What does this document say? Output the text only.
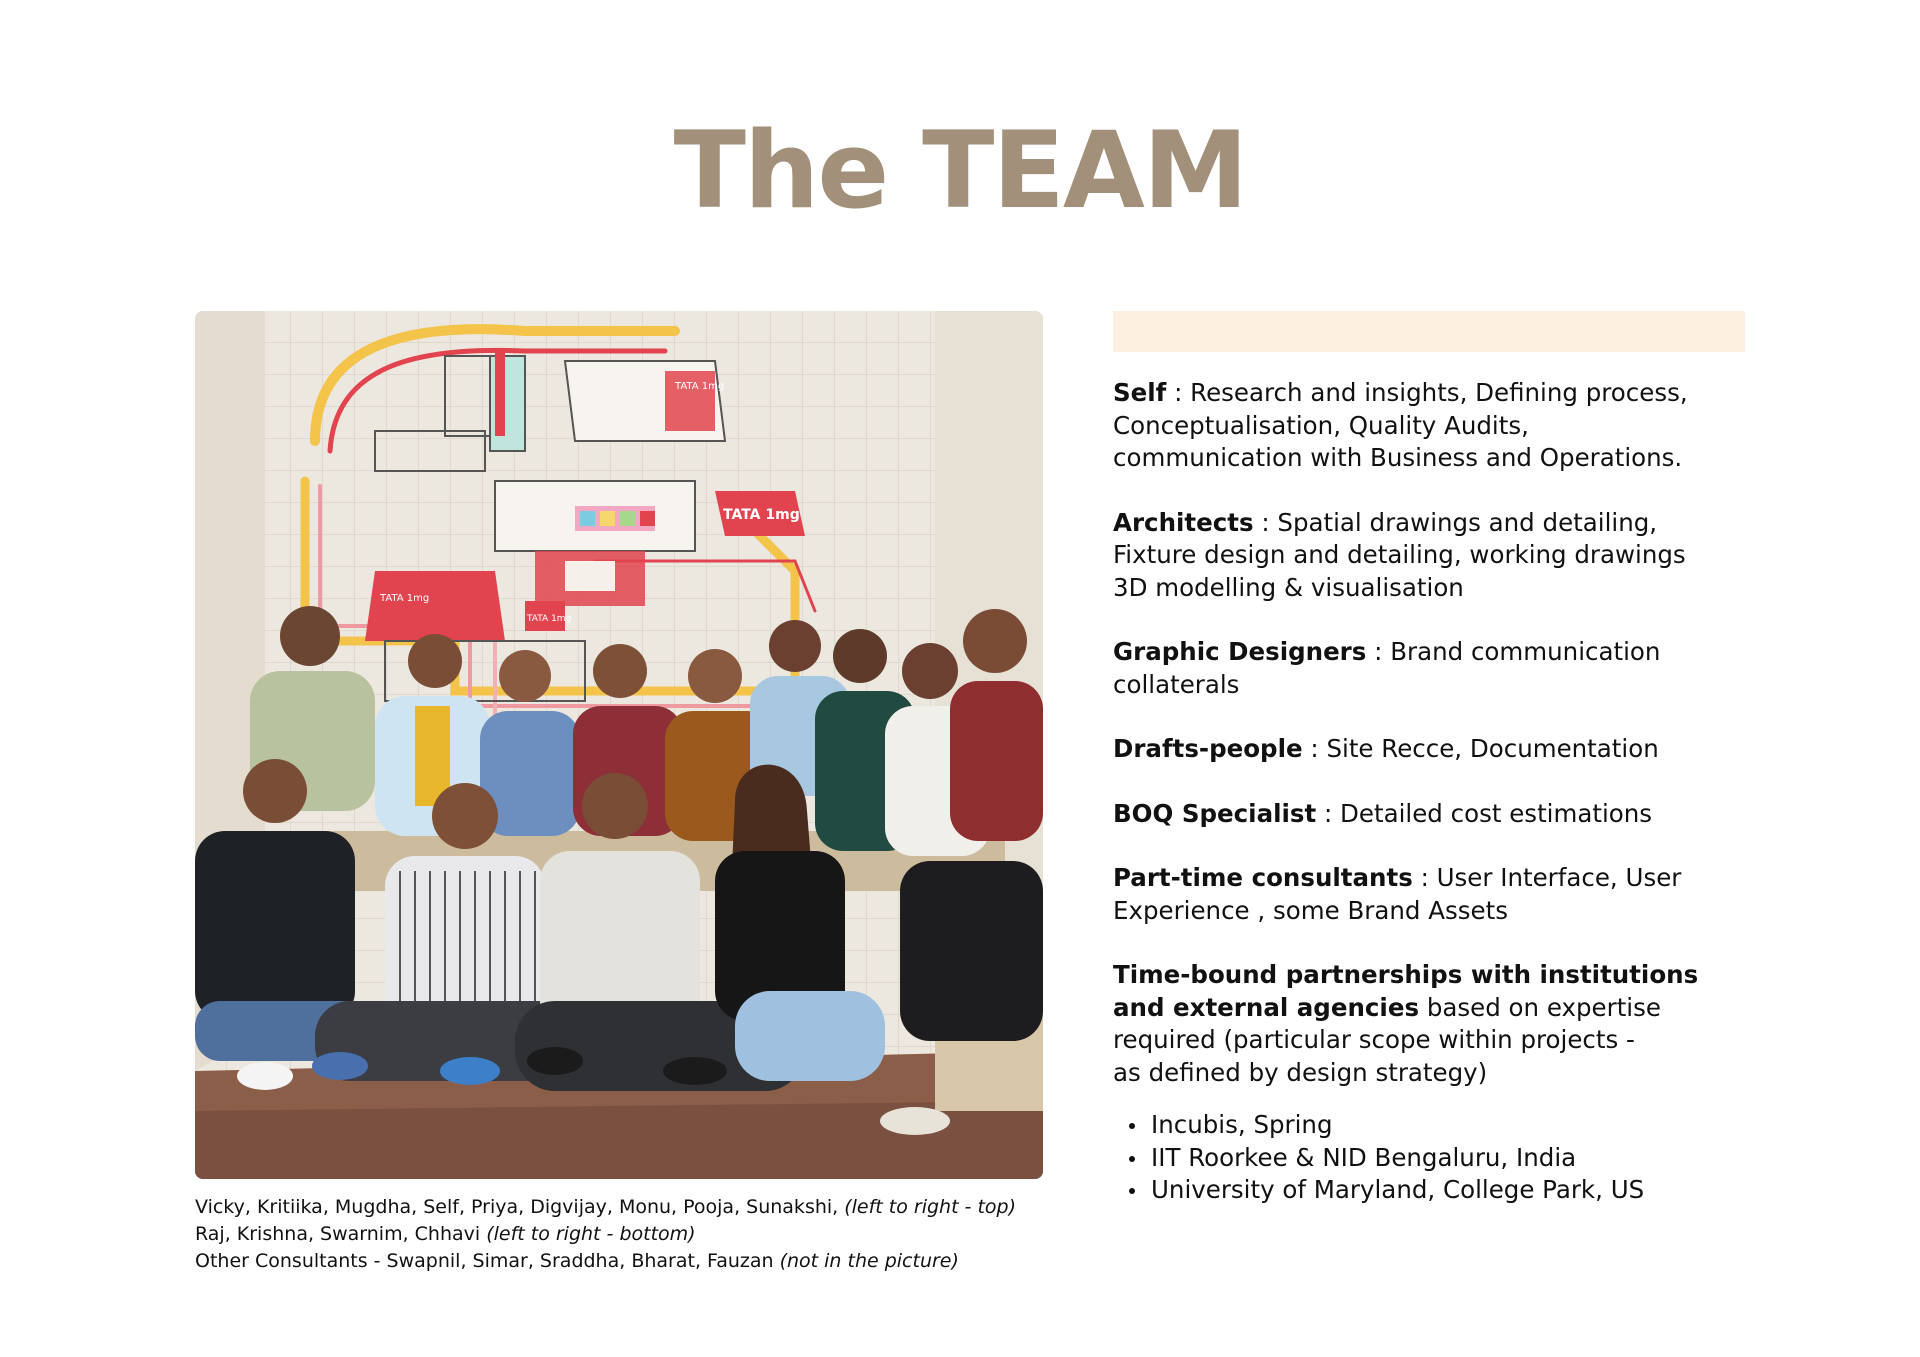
The TEAM
TATA 1mg
TATA 1mg
TATA 1mg
TATA 1mg
Vicky, Kritiika, Mugdha, Self, Priya, Digvijay, Monu, Pooja, Sunakshi, (left to right - top)
Raj, Krishna, Swarnim, Chhavi (left to right - bottom)
Other Consultants - Swapnil, Simar, Sraddha, Bharat, Fauzan (not in the picture)

Self : Research and insights, Defining process, Conceptualisation, Quality Audits, communication with Business and Operations.

Architects : Spatial drawings and detailing, Fixture design and detailing, working drawings 3D modelling & visualisation

Graphic Designers : Brand communication collaterals

Drafts-people : Site Recce, Documentation

BOQ Specialist : Detailed cost estimations

Part-time consultants : User Interface, User Experience , some Brand Assets

Time-bound partnerships with institutions and external agencies based on expertise required (particular scope within projects -
as defined by design strategy)

Incubis, Spring
IIT Roorkee & NID Bengaluru, India
University of Maryland, College Park, US
